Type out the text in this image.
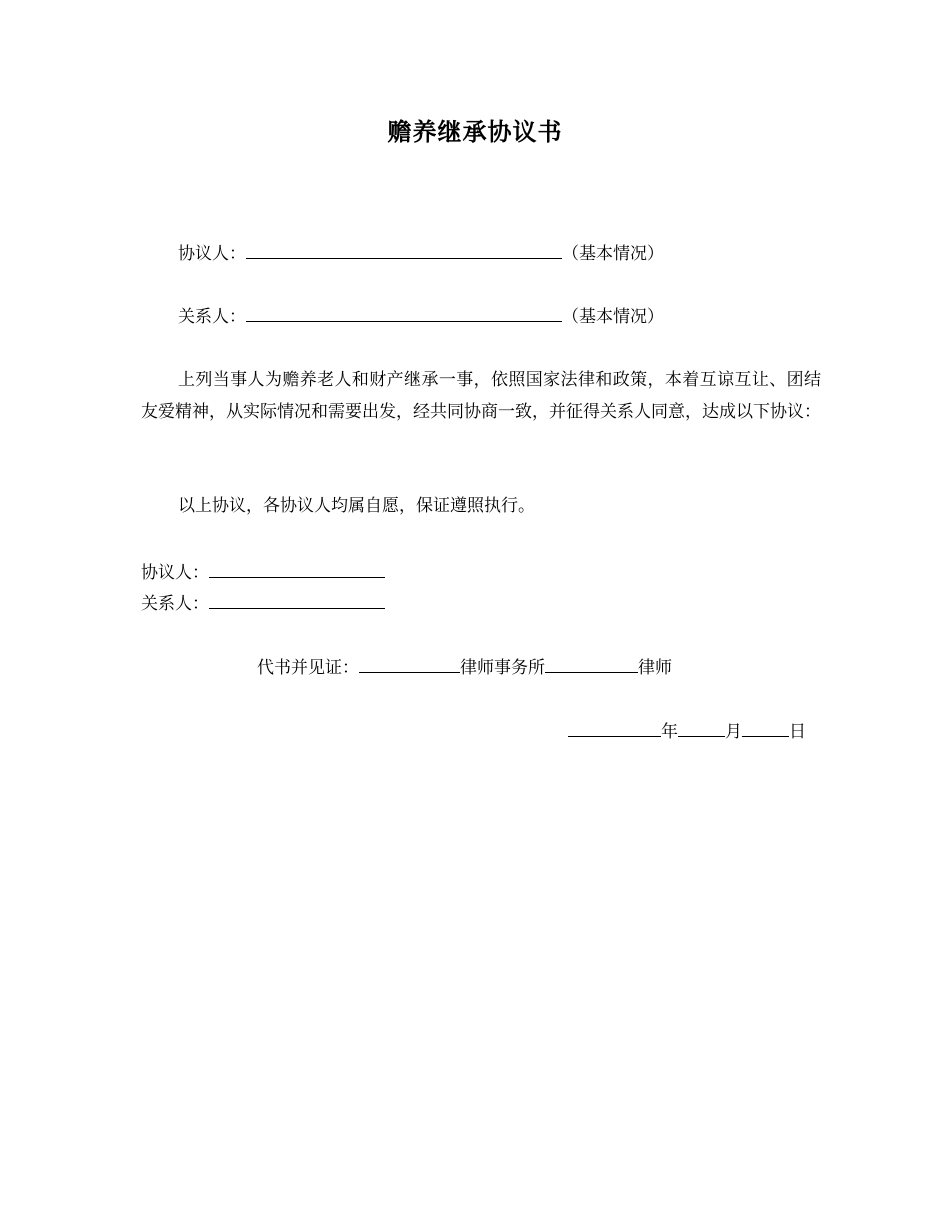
赡养继承协议书
协议人：	（基本情况）
关系人：	（基本情况）
上列当事人为赡养老人和财产继承一事，依照国家法律和政策，本着互谅互让、团结友爱精神，从实际情况和需要出发，经共同协商一致，并征得关系人同意，达成以下协议：
以上协议，各协议人均属自愿，保证遵照执行。
协议人：
关系人：
代书并见证：	律师事务所	律师
年	月	日
